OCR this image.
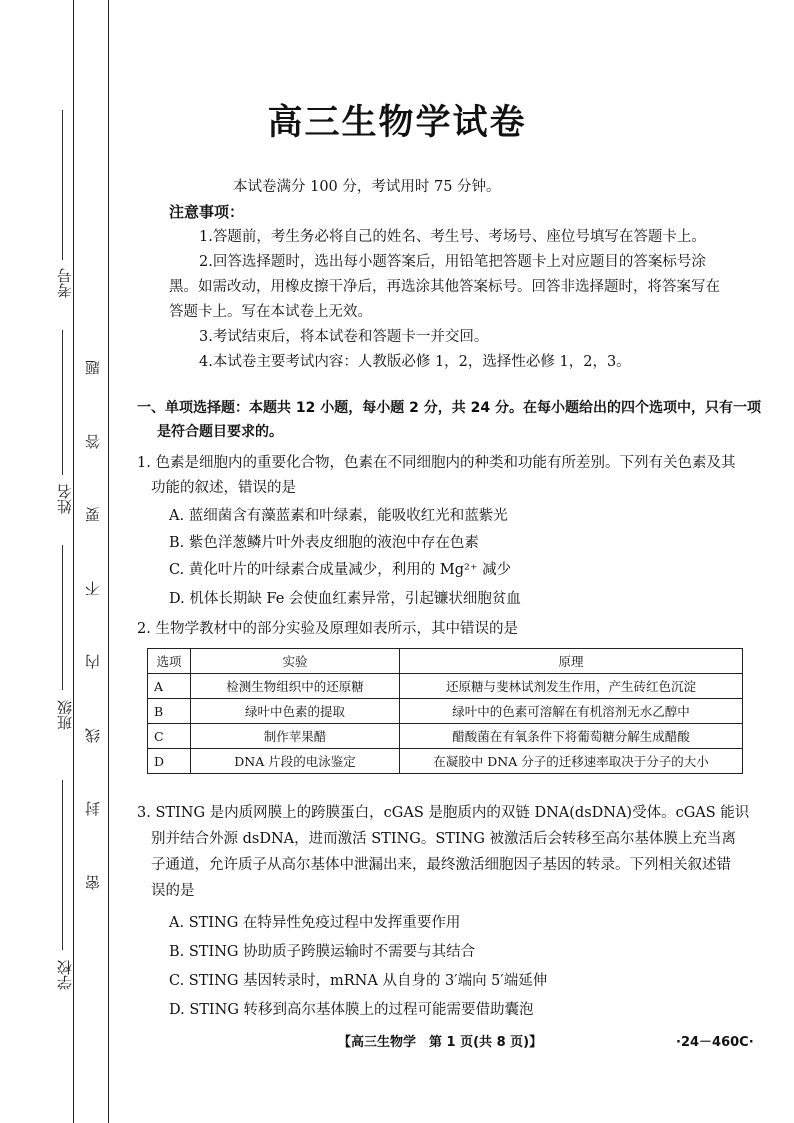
考号
姓名
班级
学校
题
答
要
不
内
线
封
密
高三生物学试卷
本试卷满分 100 分，考试用时 75 分钟。
注意事项：
1.答题前，考生务必将自己的姓名、考生号、考场号、座位号填写在答题卡上。
2.回答选择题时，选出每小题答案后，用铅笔把答题卡上对应题目的答案标号涂
黑。如需改动，用橡皮擦干净后，再选涂其他答案标号。回答非选择题时，将答案写在
答题卡上。写在本试卷上无效。
3.考试结束后，将本试卷和答题卡一并交回。
4.本试卷主要考试内容：人教版必修 1，2，选择性必修 1，2，3。
一、单项选择题：本题共 12 小题，每小题 2 分，共 24 分。在每小题给出的四个选项中，只有一项
是符合题目要求的。
1. 色素是细胞内的重要化合物，色素在不同细胞内的种类和功能有所差别。下列有关色素及其
功能的叙述，错误的是
A. 蓝细菌含有藻蓝素和叶绿素，能吸收红光和蓝紫光
B. 紫色洋葱鳞片叶外表皮细胞的液泡中存在色素
C. 黄化叶片的叶绿素合成量减少，利用的 Mg²⁺ 减少
D. 机体长期缺 Fe 会使血红素异常，引起镰状细胞贫血
2. 生物学教材中的部分实验及原理如表所示，其中错误的是
3. STING 是内质网膜上的跨膜蛋白，cGAS 是胞质内的双链 DNA(dsDNA)受体。cGAS 能识
别并结合外源 dsDNA，进而激活 STING。STING 被激活后会转移至高尔基体膜上充当离
子通道，允许质子从高尔基体中泄漏出来，最终激活细胞因子基因的转录。下列相关叙述错
误的是
A. STING 在特异性免疫过程中发挥重要作用
B. STING 协助质子跨膜运输时不需要与其结合
C. STING 基因转录时，mRNA 从自身的 3′端向 5′端延伸
D. STING 转移到高尔基体膜上的过程可能需要借助囊泡
选项	实验	原理
A	检测生物组织中的还原糖	还原糖与斐林试剂发生作用，产生砖红色沉淀
B	绿叶中色素的提取	绿叶中的色素可溶解在有机溶剂无水乙醇中
C	制作苹果醋	醋酸菌在有氧条件下将葡萄糖分解生成醋酸
D	DNA 片段的电泳鉴定	在凝胶中 DNA 分子的迁移速率取决于分子的大小
【高三生物学　第 1 页(共 8 页)】	·24－460C·
